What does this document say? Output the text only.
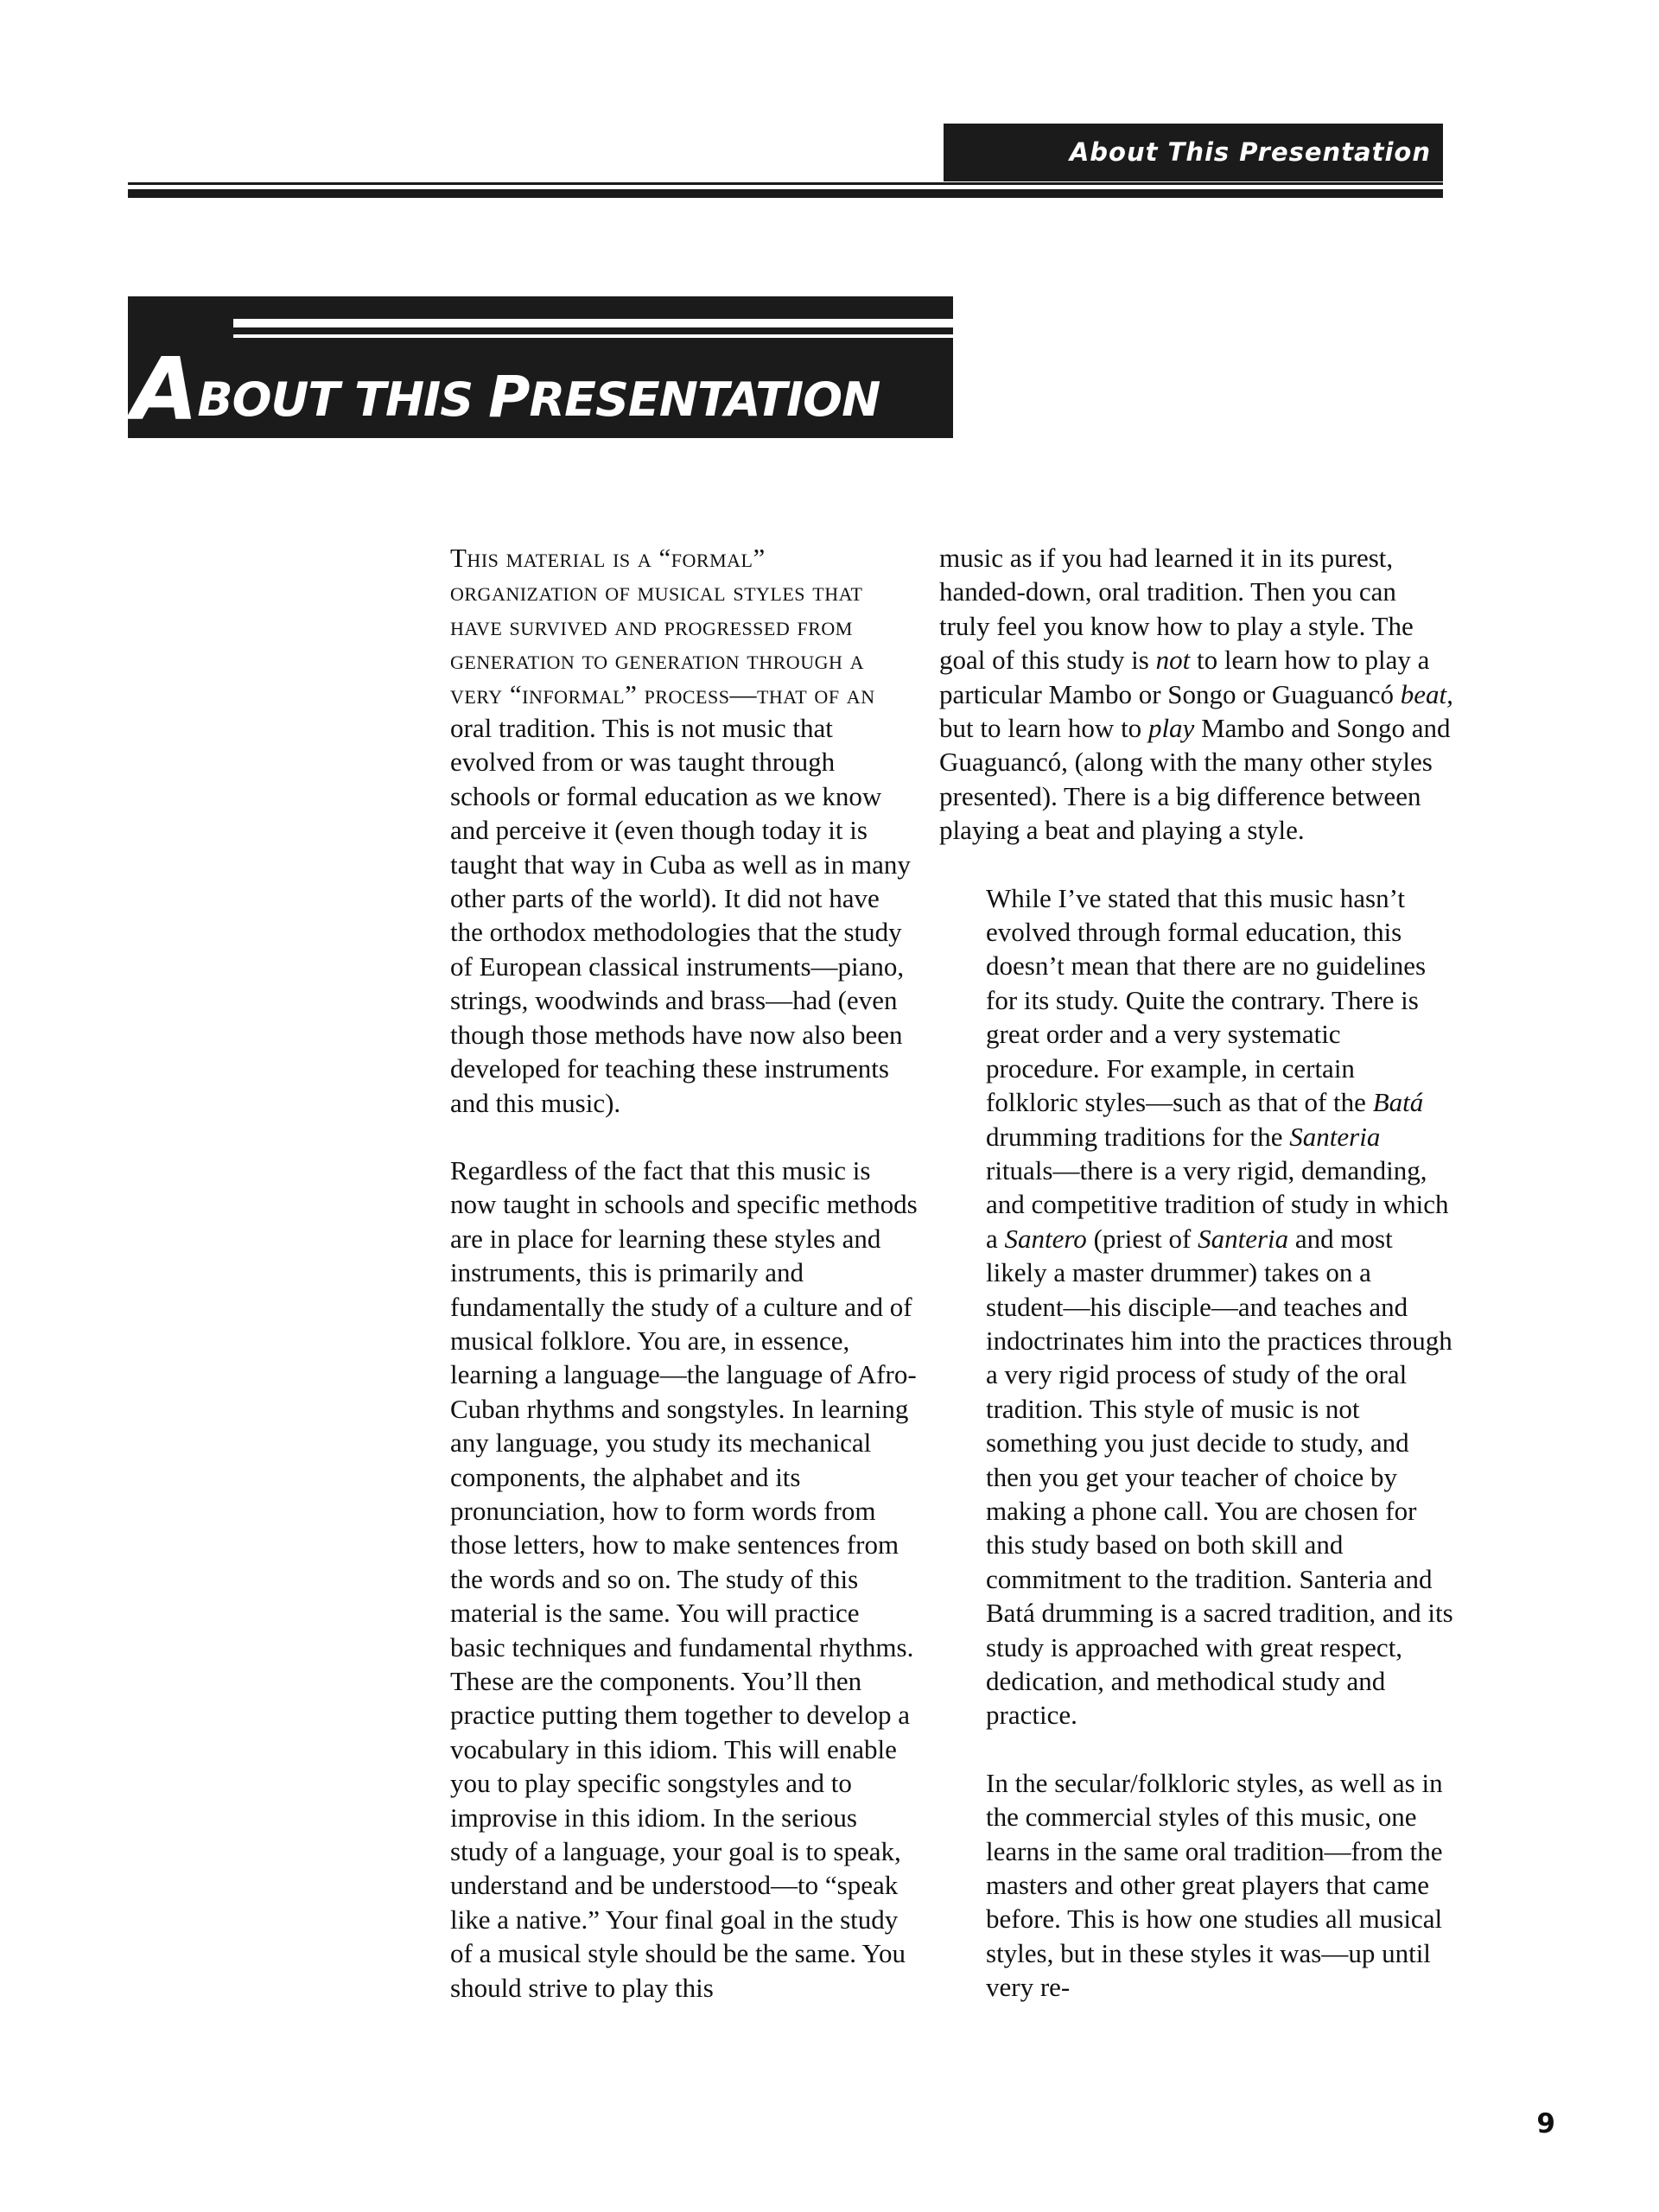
About This Presentation
A BOUT THIS P RESENTATION

This material is a “formal” organization of musical styles that have survived and progressed from generation to generation through a very “informal” process—that of an oral tradition. This is not music that evolved from or was taught through schools or formal education as we know and perceive it (even though today it is taught that way in Cuba as well as in many other parts of the world). It did not have the orthodox methodologies that the study of European classical instruments—piano, strings, woodwinds and brass—had (even though those methods have now also been developed for teaching these instruments and this music).

Regardless of the fact that this music is now taught in schools and specific methods are in place for learning these styles and instruments, this is primarily and fundamentally the study of a culture and of musical folklore. You are, in essence, learning a language—the language of Afro-Cuban rhythms and songstyles. In learning any language, you study its mechanical components, the alphabet and its pronunciation, how to form words from those letters, how to make sentences from the words and so on. The study of this material is the same. You will practice basic techniques and fundamental rhythms. These are the components. You’ll then practice putting them together to develop a vocabulary in this idiom. This will enable you to play specific songstyles and to improvise in this idiom. In the serious study of a language, your goal is to speak, understand and be understood—to “speak like a native.” Your final goal in the study of a musical style should be the same. You should strive to play this

music as if you had learned it in its purest, handed-down, oral tradition. Then you can truly feel you know how to play a style. The goal of this study is not to learn how to play a particular Mambo or Songo or Guaguancó beat, but to learn how to play Mambo and Songo and Guaguancó, (along with the many other styles presented). There is a big difference between playing a beat and playing a style.

While I’ve stated that this music hasn’t evolved through formal education, this doesn’t mean that there are no guidelines for its study. Quite the contrary. There is great order and a very systematic procedure. For example, in certain folkloric styles—such as that of the Batá drumming traditions for the Santeria rituals—there is a very rigid, demanding, and competitive tradition of study in which a Santero (priest of Santeria and most likely a master drummer) takes on a student—his disciple—and teaches and indoctrinates him into the practices through a very rigid process of study of the oral tradition. This style of music is not something you just decide to study, and then you get your teacher of choice by making a phone call. You are chosen for this study based on both skill and commitment to the tradition. Santeria and Batá drumming is a sacred tradition, and its study is approached with great respect, dedication, and methodical study and practice.

In the secular/folkloric styles, as well as in the commercial styles of this music, one learns in the same oral tradition—from the masters and other great players that came before. This is how one studies all musical styles, but in these styles it was—up until very re-

9
